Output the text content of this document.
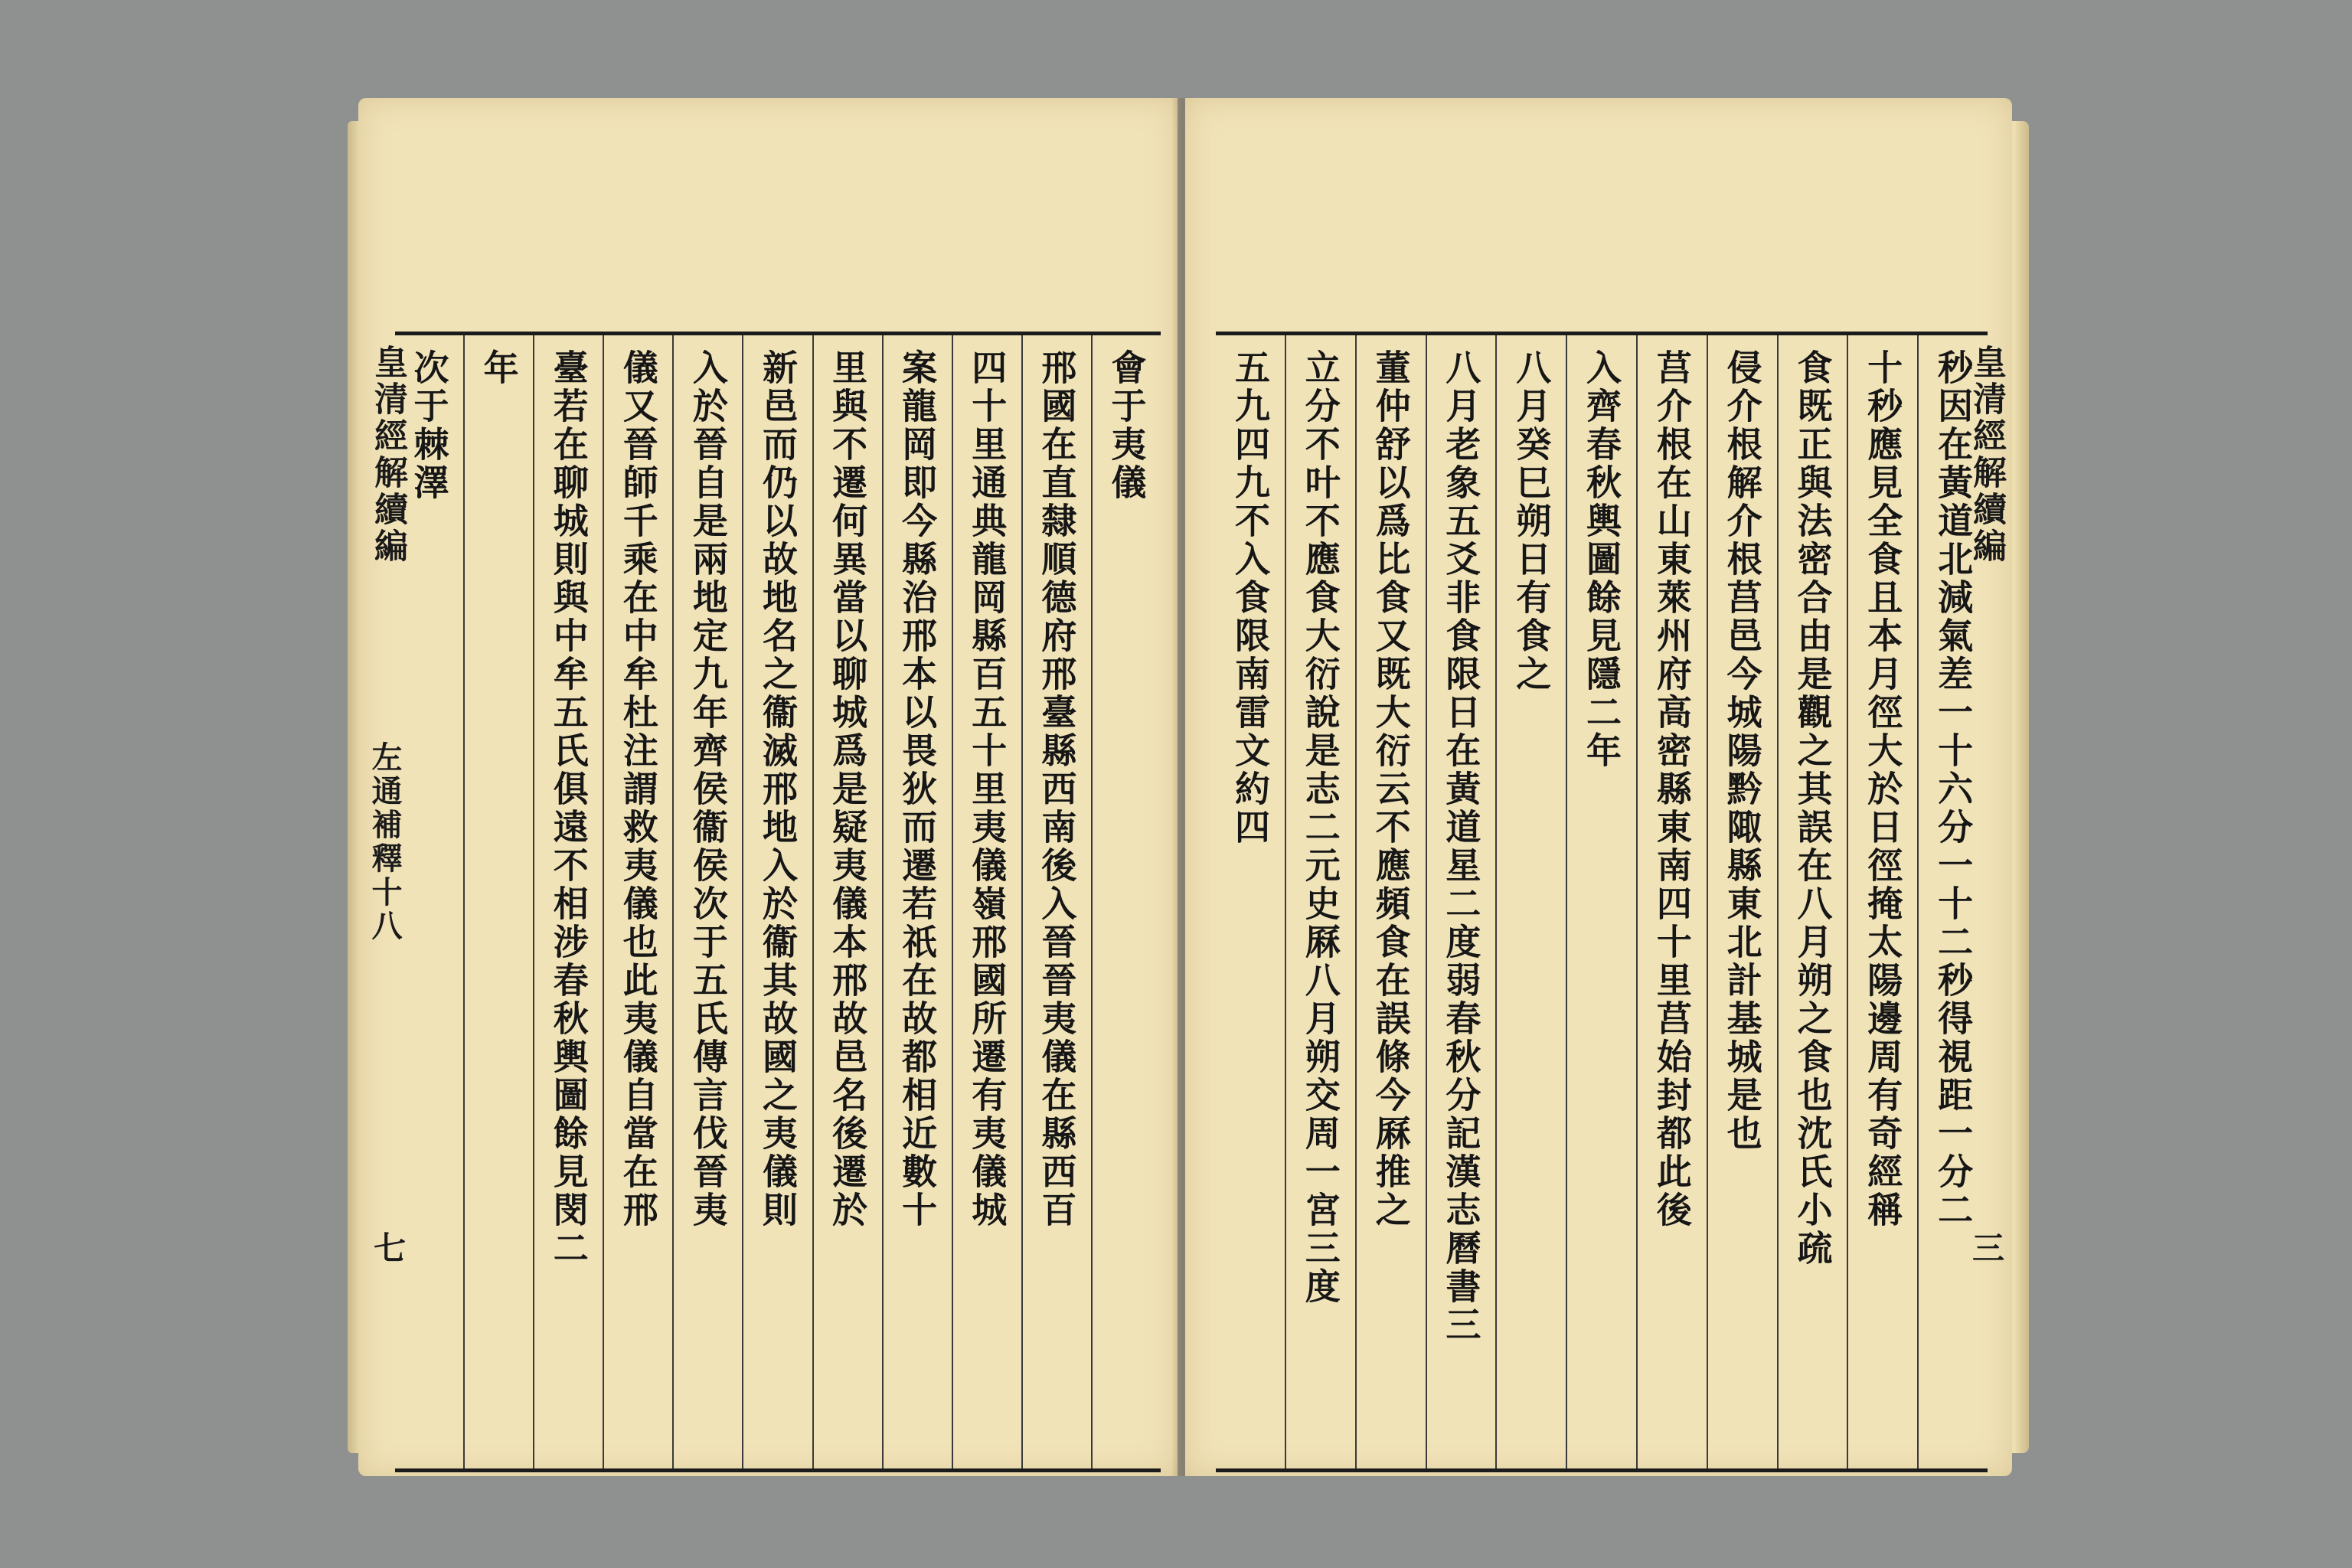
會于夷儀
邢國在直隸順德府邢臺縣西南後入晉晉夷儀在縣西百
四十里通典龍岡縣百五十里夷儀嶺邢國所遷有夷儀城
案龍岡即今縣治邢本以畏狄而遷若祇在故都相近數十
里與不遷何異當以聊城爲是疑夷儀本邢故邑名後遷於
新邑而仍以故地名之衞滅邢地入於衞其故國之夷儀則
入於晉自是兩地定九年齊侯衞侯次于五氏傳言伐晉夷
儀又晉師千乘在中牟杜注謂救夷儀也此夷儀自當在邢
臺若在聊城則與中牟五氏俱遠不相涉春秋輿圖餘見閔二
年
次于棘澤
皇清經解續編
左通補釋十八
七
秒因在黃道北減氣差一十六分一十二秒得視距一分二
十秒應見全食且本月徑大於日徑掩太陽邊周有奇經稱
食既正與法密合由是觀之其誤在八月朔之食也沈氏小疏
侵介根解介根莒邑今城陽黔陬縣東北計基城是也
莒介根在山東萊州府高密縣東南四十里莒始封都此後
入齊春秋輿圖餘見隱二年
八月癸巳朔日有食之
八月老象五爻非食限日在黃道星二度弱春秋分記漢志曆書三
董仲舒以爲比食又既大衍云不應頻食在誤條今厤推之
立分不叶不應食大衍說是志二元史厤八月朔交周一宮三度
五九四九不入食限南雷文約四	皇清經解續編
三
